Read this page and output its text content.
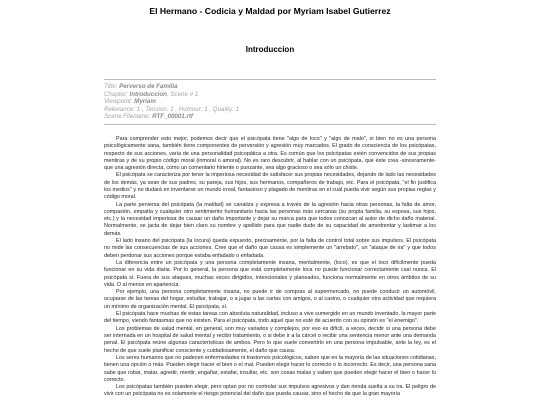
El Hermano - Codicia y Maldad por Myriam Isabel Gutierrez
Introduccion
Title: Perverso de Familia
Chapter: Introduccion, Scene # 1
Viewpoint: Myriam
Relevance: 1 , Tension: 1 , Humour: 1 , Quality: 1
Scene Filename: RTF_00001.rtf

Para comprender esto mejor, podemos decir que el psicópata tiene "algo de loco" y "algo de malo", si bien no es una persona psicológicamente sana, también tiene componentes de perversión y agresión muy marcados. El grado de consciencia de los psicópatas, respecto de sus acciones, varía de una personalidad psicopática a otra. Es común que los psicópatas estén convencidos de sus propias mentiras y de su propio código moral (inmoral o amoral). No es raro descubrir, al hablar con un psicópata, que éste crea -sinceramente- que una agresión directa, como un comentario hiriente o punzante, sea algo gracioso o sea sólo un chiste.

El psicópata se caracteriza por tener la imperiosa necesidad de satisfacer sus propias necesidades, dejando de lado las necesidades de los demás, ya sean de sus padres, su pareja, sus hijos, sus hermanos, compañeros de trabajo, etc. Para el psicópata, "el fin justifica los medios" y no dudará en inventarse un mundo irreal, fantasioso y plagado de mentiras en el cuál pueda vivir según sus propias reglas y código moral.

La parte perversa del psicópata (la maldad) se canaliza y expresa a través de la agresión hacia otras personas, la falta de amor, compasión, empatía y cualquier otro sentimiento humanitario hacia las personas más cercanas (su propia familia, su esposa, sus hijos, etc.) y la necesidad imperiosa de causar un daño importante y dejar su marca para que todos conozcan al autor de dicho daño material. Normalmente, se jacta de dejar bien claro su nombre y apellido para que nadie dude de su capacidad de amedrentar y lastimar a los demás.

El lado insano del psicópata (la locura) queda expuesto, precisamente, por la falta de control total sobre sus impulsos. El psicópata no mide las consecuencias de sus acciones. Cree que el daño que causa es simplemente un "arrebato", un "ataque de ira" y que todos deben perdonar sus acciones porque estaba enfadado o enfadada.

La diferencia entre un psicópata y una persona completamente insana, mentalmente, (loco), es que el loco difícilmente pueda funcionar en su vida diaria. Por lo general, la persona que está completamente loca no puede funcionar correctamente casi nunca. El psicópata sí. Fuera de sus ataques, muchas veces dirigidos, intencionales y planeados, funciona normalmente en otros ámbitos de su vida. O al menos en apariencia.

Por ejemplo, una persona completamente insana, no puede ir de compras al supermercado, no puede conducir un automóvil, ocuparse de las tareas del hogar, estudiar, trabajar, o a jugar a las cartas con amigos, o al casino, o cualquier otra actividad que requiera un mínimo de organización mental. El psicópata, sí.

El psicópata hace muchas de estas tareas con absoluta naturalidad, incluso a vive sumergido en un mundo inventado, la mayor parte del tiempo, viendo fantasmas que no existen. Para el psicópata, todo aquel que no esté de acuerdo con su opinión es "el enemigo".

Los problemas de salud mental, en general, son muy variados y complejos, por eso es difícil, a veces, decidir si una persona debe ser internada en un hospital de salud mental y recibir tratamiento, o si debe ir a la cárcel o recibir una sentencia menor ante una demanda penal. El psicópata reúne algunas características de ambos. Pero lo que suele convertirlo en una persona impulsable, ante la ley, es el hecho de que suele planificar consciente y cuidadosamente, el daño que causa.

Los seres humanos que no padecen enfermedades ni trastornos psicológicos, saben que en la mayoría de las situaciones cotidianas, tienen una opción o más. Pueden elegir hacer el bien o el mal. Pueden elegir hacer lo correcto o lo incorrecto. Es decir, una persona sana sabe que robar, matar, agredir, mentir, engañar, estafar, insultar, etc. son cosas malas y saben que pueden elegir hacer el bien o hacer lo correcto.

Los psicópatas también pueden elegir, pero optan por no controlar sus impulsos agresivos y dan rienda suelta a su ira. El peligro de vivir con un psicópata no es solamente el riesgo potencial del daño que pueda causar, sino el hecho de que la gran mayoría
